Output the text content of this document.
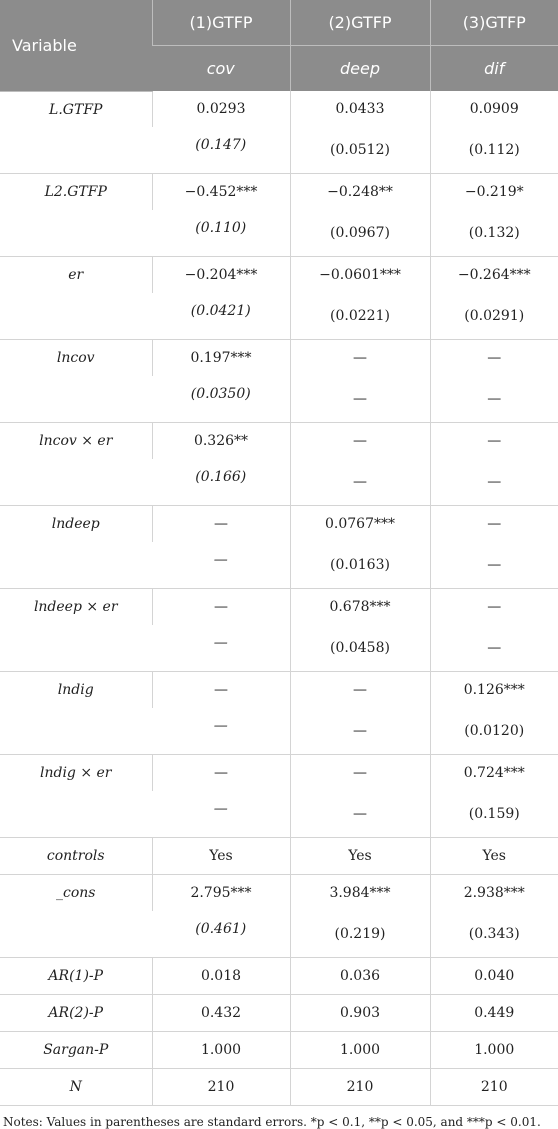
Variable	(1)GTFP	(2)GTFP	(3)GTFP
	cov	deep	dif
L.GTFP	0.0293	0.0433	0.0909
	(0.147)	(0.0512)	(0.112)
L2.GTFP	−0.452***	−0.248**	−0.219*
	(0.110)	(0.0967)	(0.132)
er	−0.204***	−0.0601***	−0.264***
	(0.0421)	(0.0221)	(0.0291)
lncov	0.197***	—	—
	(0.0350)	—	—
lncov × er	0.326**	—	—
	(0.166)	—	—
lndeep	—	0.0767***	—
	—	(0.0163)	—
lndeep × er	—	0.678***	—
	—	(0.0458)	—
lndig	—	—	0.126***
	—	—	(0.0120)
lndig × er	—	—	0.724***
	—	—	(0.159)
controls	Yes	Yes	Yes
_cons	2.795***	3.984***	2.938***
	(0.461)	(0.219)	(0.343)
AR(1)-P	0.018	0.036	0.040
AR(2)-P	0.432	0.903	0.449
Sargan-P	1.000	1.000	1.000
N	210	210	210
Notes: Values in parentheses are standard errors. *p < 0.1, **p < 0.05, and ***p < 0.01.
